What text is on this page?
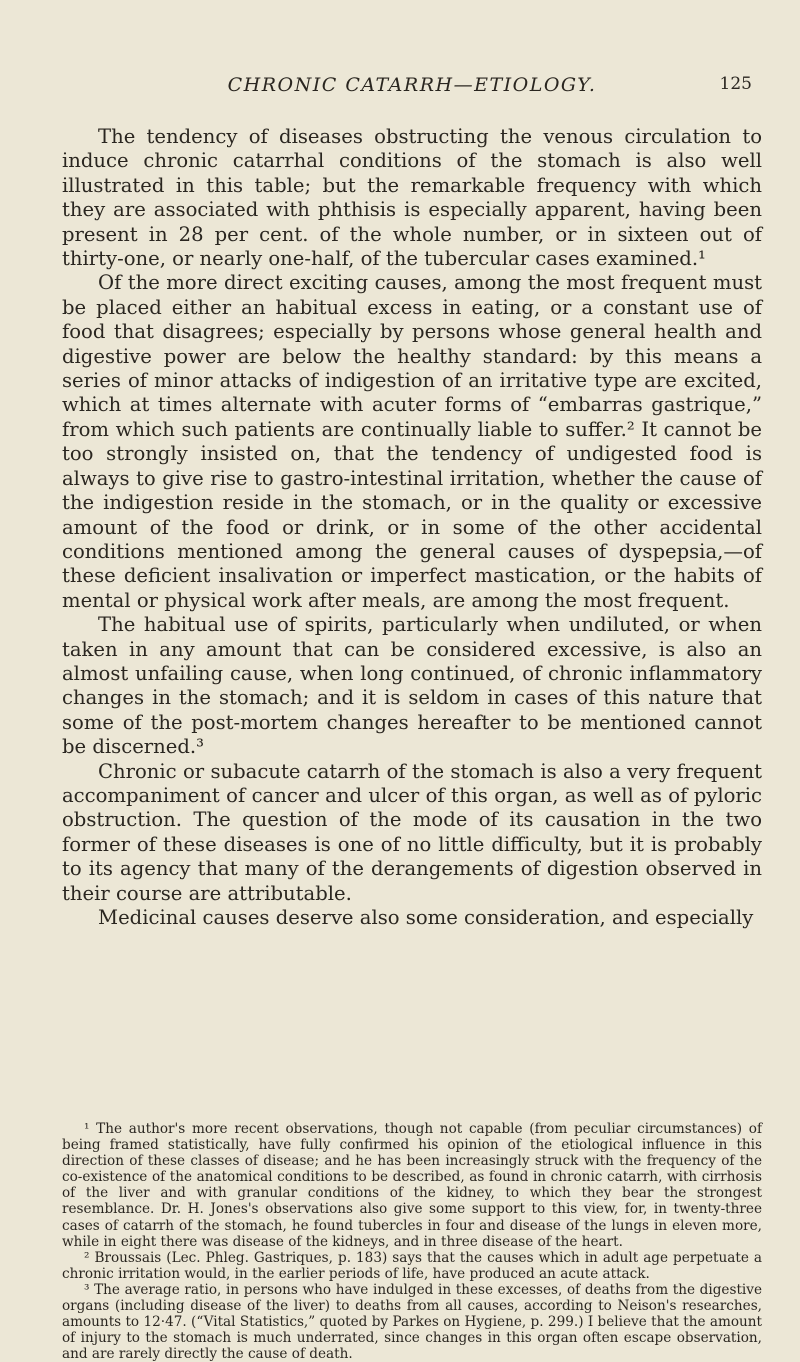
CHRONIC CATARRH—ETIOLOGY.	125

The tendency of diseases obstructing the venous circulation to induce chronic catarrhal conditions of the stomach is also well illustrated in this table; but the remarkable frequency with which they are associated with phthisis is especially apparent, having been present in 28 per cent. of the whole number, or in sixteen out of thirty-one, or nearly one-half, of the tubercular cases examined.¹

Of the more direct exciting causes, among the most frequent must be placed either an habitual excess in eating, or a constant use of food that disagrees; especially by persons whose general health and digestive power are below the healthy standard: by this means a series of minor attacks of indigestion of an irritative type are excited, which at times alternate with acuter forms of “embarras gastrique,” from which such patients are continually liable to suffer.² It cannot be too strongly insisted on, that the tendency of undigested food is always to give rise to gastro-intestinal irritation, whether the cause of the indigestion reside in the stomach, or in the quality or excessive amount of the food or drink, or in some of the other accidental conditions mentioned among the general causes of dyspepsia,—of these deficient insalivation or imperfect mastication, or the habits of mental or physical work after meals, are among the most frequent.

The habitual use of spirits, particularly when undiluted, or when taken in any amount that can be considered excessive, is also an almost unfailing cause, when long continued, of chronic inflammatory changes in the stomach; and it is seldom in cases of this nature that some of the post-mortem changes hereafter to be mentioned cannot be discerned.³

Chronic or subacute catarrh of the stomach is also a very frequent accompaniment of cancer and ulcer of this organ, as well as of pyloric obstruction. The question of the mode of its causation in the two former of these diseases is one of no little difficulty, but it is probably to its agency that many of the derangements of digestion observed in their course are attributable.

Medicinal causes deserve also some consideration, and especially

¹ The author's more recent observations, though not capable (from peculiar circumstances) of being framed statistically, have fully confirmed his opinion of the etiological influence in this direction of these classes of disease; and he has been increasingly struck with the frequency of the co-existence of the anatomical conditions to be described, as found in chronic catarrh, with cirrhosis of the liver and with granular conditions of the kidney, to which they bear the strongest resemblance. Dr. H. Jones's observations also give some support to this view, for, in twenty-three cases of catarrh of the stomach, he found tubercles in four and disease of the lungs in eleven more, while in eight there was disease of the kidneys, and in three disease of the heart.

² Broussais (Lec. Phleg. Gastriques, p. 183) says that the causes which in adult age perpetuate a chronic irritation would, in the earlier periods of life, have produced an acute attack.

³ The average ratio, in persons who have indulged in these excesses, of deaths from the digestive organs (including disease of the liver) to deaths from all causes, according to Neison's researches, amounts to 12·47. (“Vital Statistics,” quoted by Parkes on Hygiene, p. 299.) I believe that the amount of injury to the stomach is much underrated, since changes in this organ often escape observation, and are rarely directly the cause of death.
